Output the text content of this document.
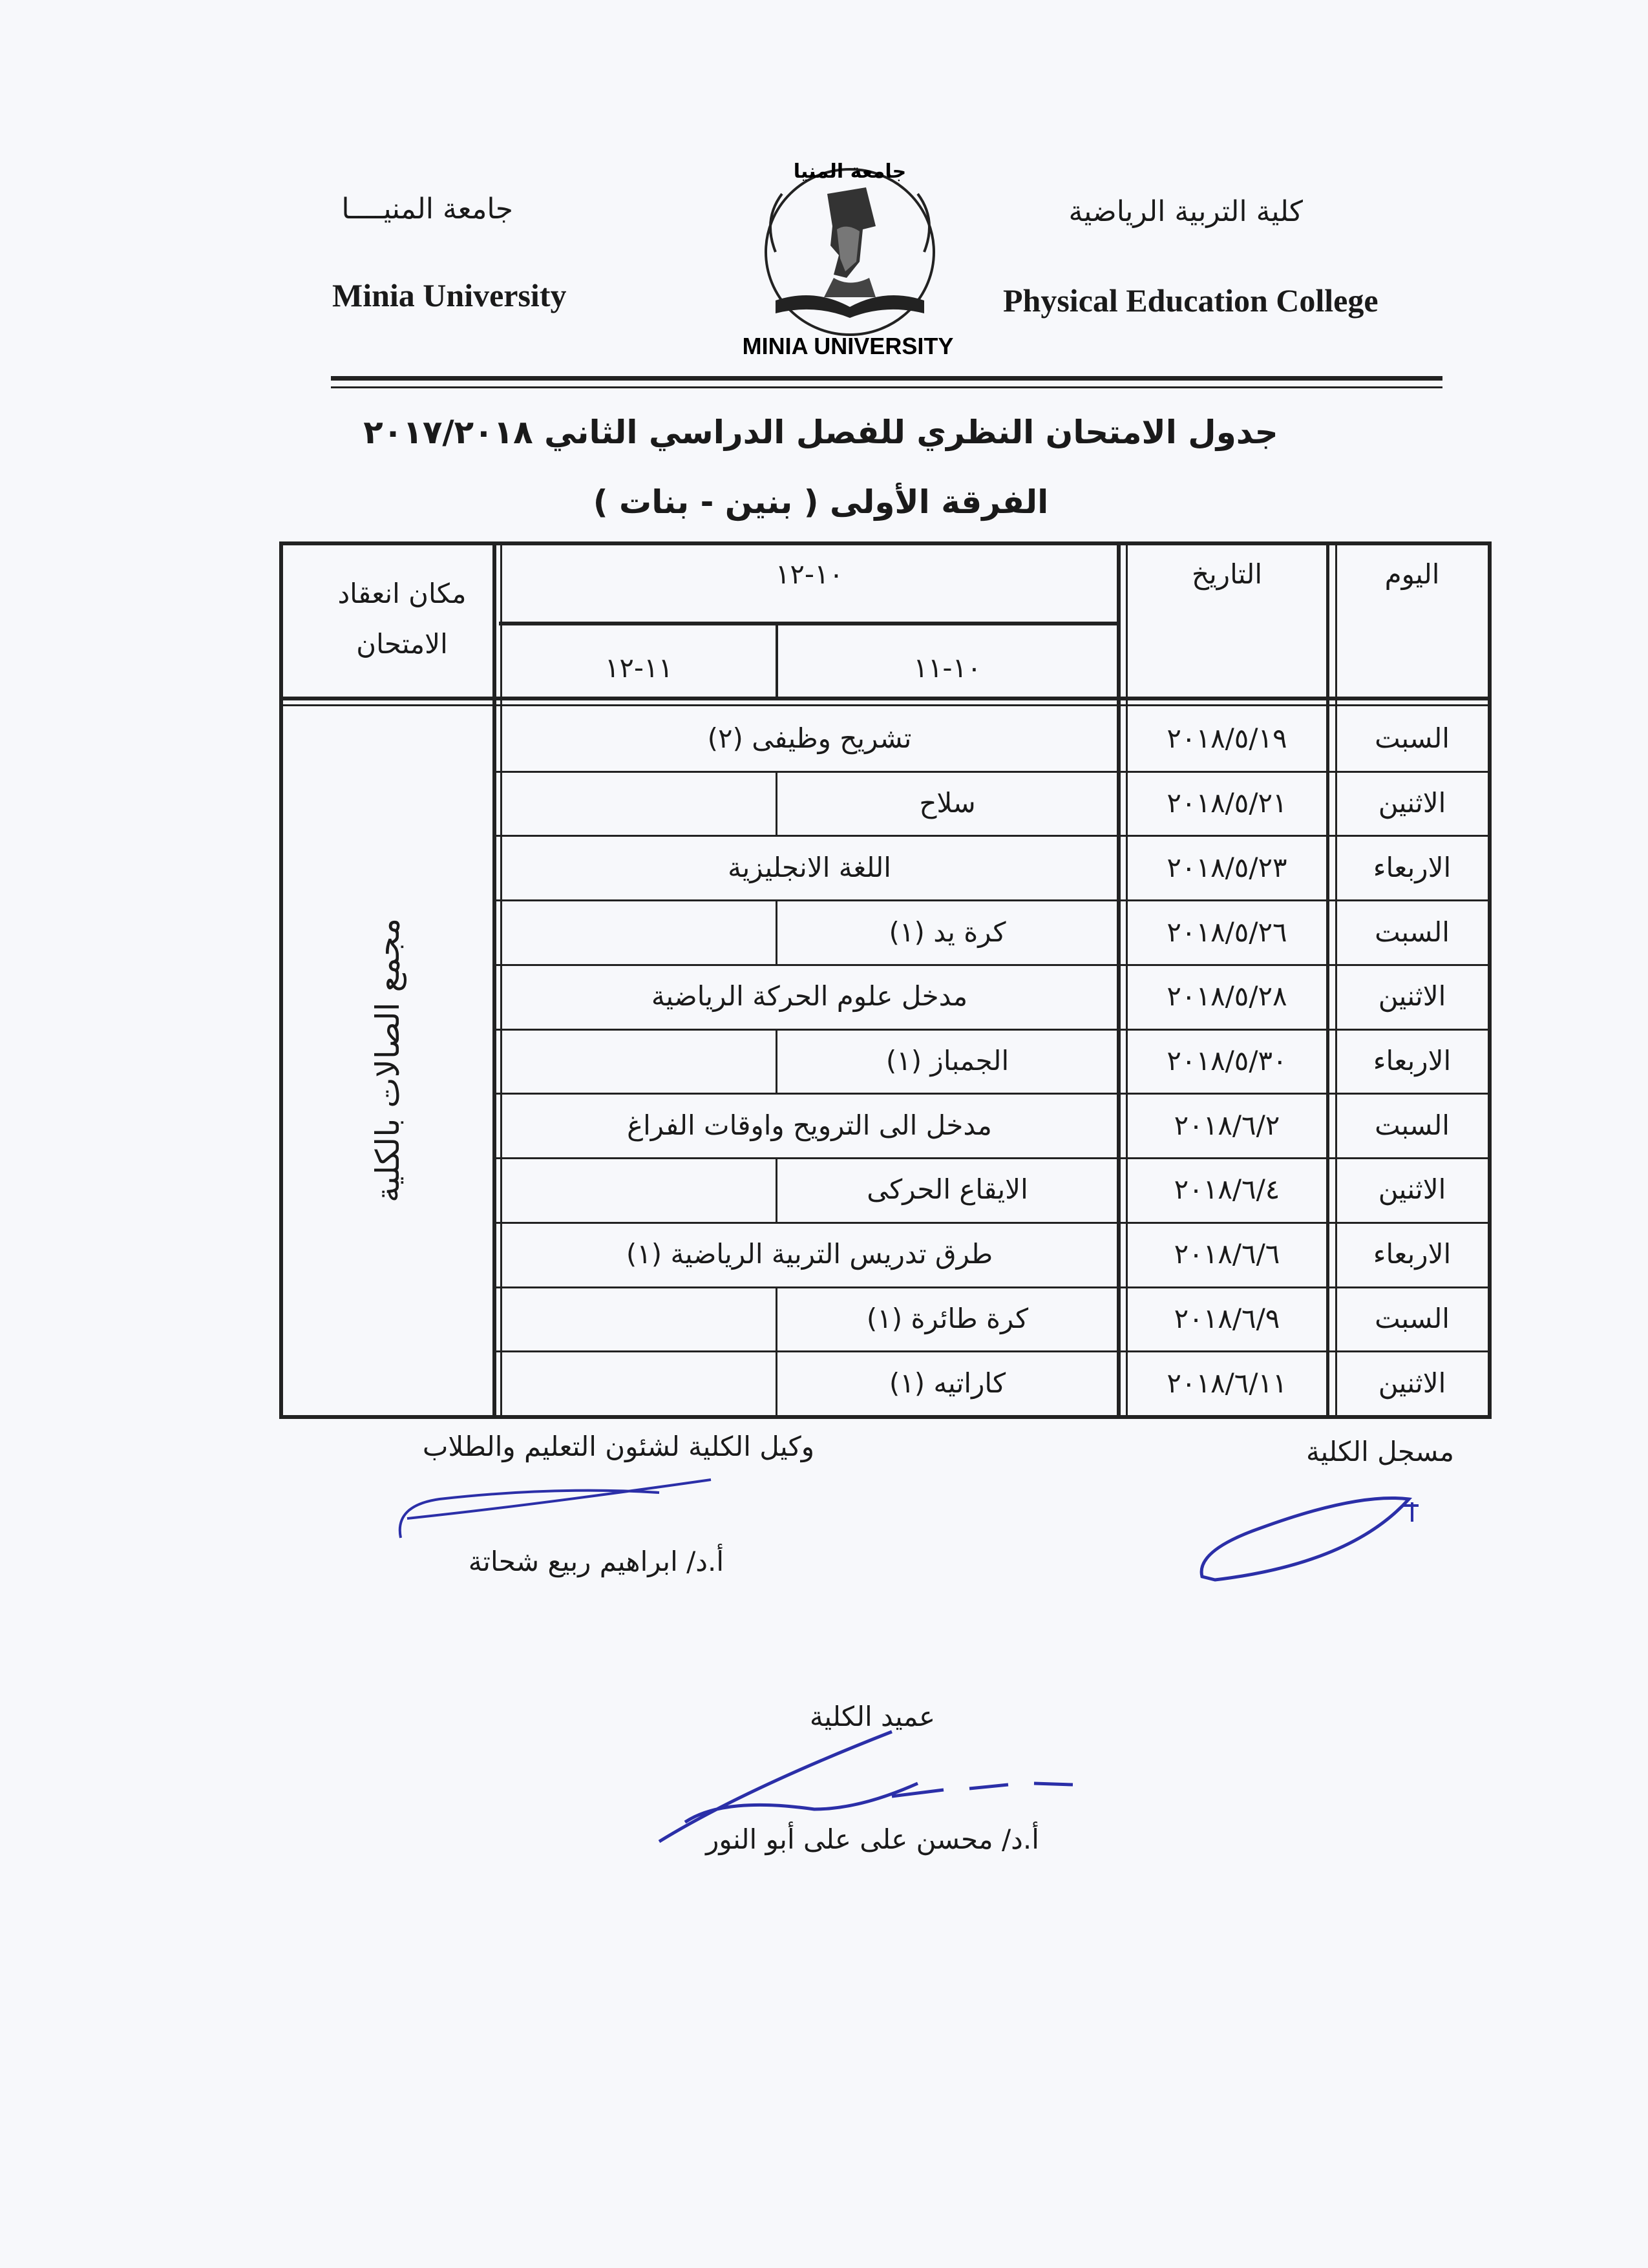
كلية التربية الرياضية
Physical Education College
جامعة المنيــــا
Minia University
جامعة المنيا
MINIA UNIVERSITY
جدول الامتحان النظري للفصل الدراسي الثاني ٢٠١٧/٢٠١٨
الفرقة الأولى ( بنين - بنات )
اليوم
التاريخ
١٠-١٢
١٠-١١
١١-١٢
مكان انعقاد الامتحان
السبت
٢٠١٨/٥/١٩
تشريح وظيفى (٢)
الاثنين
٢٠١٨/٥/٢١
سلاح
الاربعاء
٢٠١٨/٥/٢٣
اللغة الانجليزية
السبت
٢٠١٨/٥/٢٦
كرة يد (١)
الاثنين
٢٠١٨/٥/٢٨
مدخل علوم الحركة الرياضية
الاربعاء
٢٠١٨/٥/٣٠
الجمباز (١)
السبت
٢٠١٨/٦/٢
مدخل الى الترويح واوقات الفراغ
الاثنين
٢٠١٨/٦/٤
الايقاع الحركى
الاربعاء
٢٠١٨/٦/٦
طرق تدريس التربية الرياضية (١)
السبت
٢٠١٨/٦/٩
كرة طائرة (١)
الاثنين
٢٠١٨/٦/١١
كاراتيه (١)
مجمع الصالات بالكلية
مسجل الكلية
وكيل الكلية لشئون التعليم والطلاب
أ.د/ ابراهيم ربيع شحاتة
عميد الكلية
أ.د/ محسن على على أبو النور
